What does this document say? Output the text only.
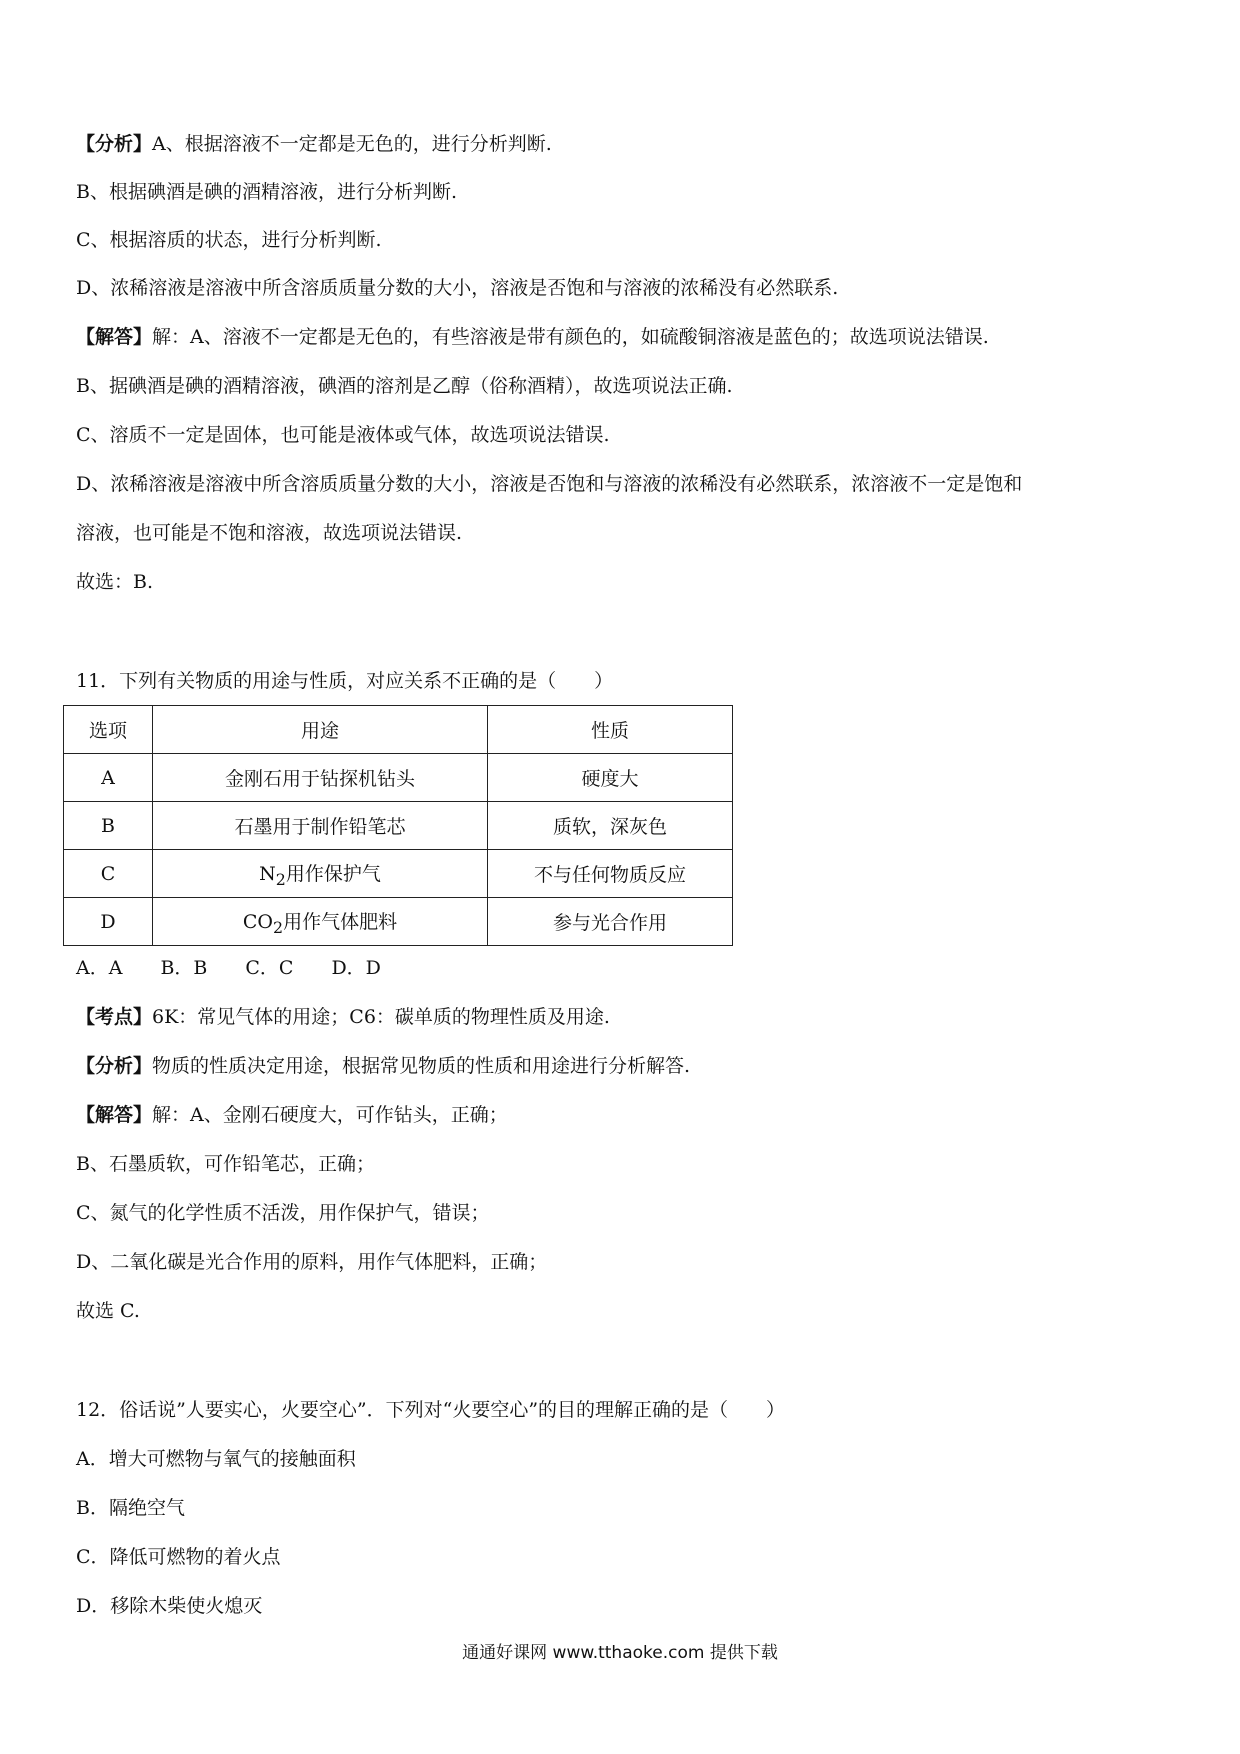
【分析】A、根据溶液不一定都是无色的，进行分析判断.
B、根据碘酒是碘的酒精溶液，进行分析判断.
C、根据溶质的状态，进行分析判断.
D、浓稀溶液是溶液中所含溶质质量分数的大小，溶液是否饱和与溶液的浓稀没有必然联系.
【解答】解：A、溶液不一定都是无色的，有些溶液是带有颜色的，如硫酸铜溶液是蓝色的；故选项说法错误.
B、据碘酒是碘的酒精溶液，碘酒的溶剂是乙醇（俗称酒精），故选项说法正确.
C、溶质不一定是固体，也可能是液体或气体，故选项说法错误.
D、浓稀溶液是溶液中所含溶质质量分数的大小，溶液是否饱和与溶液的浓稀没有必然联系，浓溶液不一定是饱和
溶液，也可能是不饱和溶液，故选项说法错误.
故选：B.
11．下列有关物质的用途与性质，对应关系不正确的是（　　）
选项	用途	性质
A	金刚石用于钻探机钻头	硬度大
B	石墨用于制作铅笔芯	质软，深灰色
C	$N_2$用作保护气	不与任何物质反应
D	$CO_2$用作气体肥料	参与光合作用
A．A　　B．B　　C．C　　D．D
【考点】6K：常见气体的用途；C6：碳单质的物理性质及用途.
【分析】物质的性质决定用途，根据常见物质的性质和用途进行分析解答.
【解答】解：A、金刚石硬度大，可作钻头，正确；
B、石墨质软，可作铅笔芯，正确；
C、氮气的化学性质不活泼，用作保护气，错误；
D、二氧化碳是光合作用的原料，用作气体肥料，正确；
故选 C.
12．俗话说”人要实心，火要空心”．下列对“火要空心”的目的理解正确的是（　　）
A．增大可燃物与氧气的接触面积
B．隔绝空气
C．降低可燃物的着火点
D．移除木柴使火熄灭
通通好课网 www.tthaoke.com 提供下载
